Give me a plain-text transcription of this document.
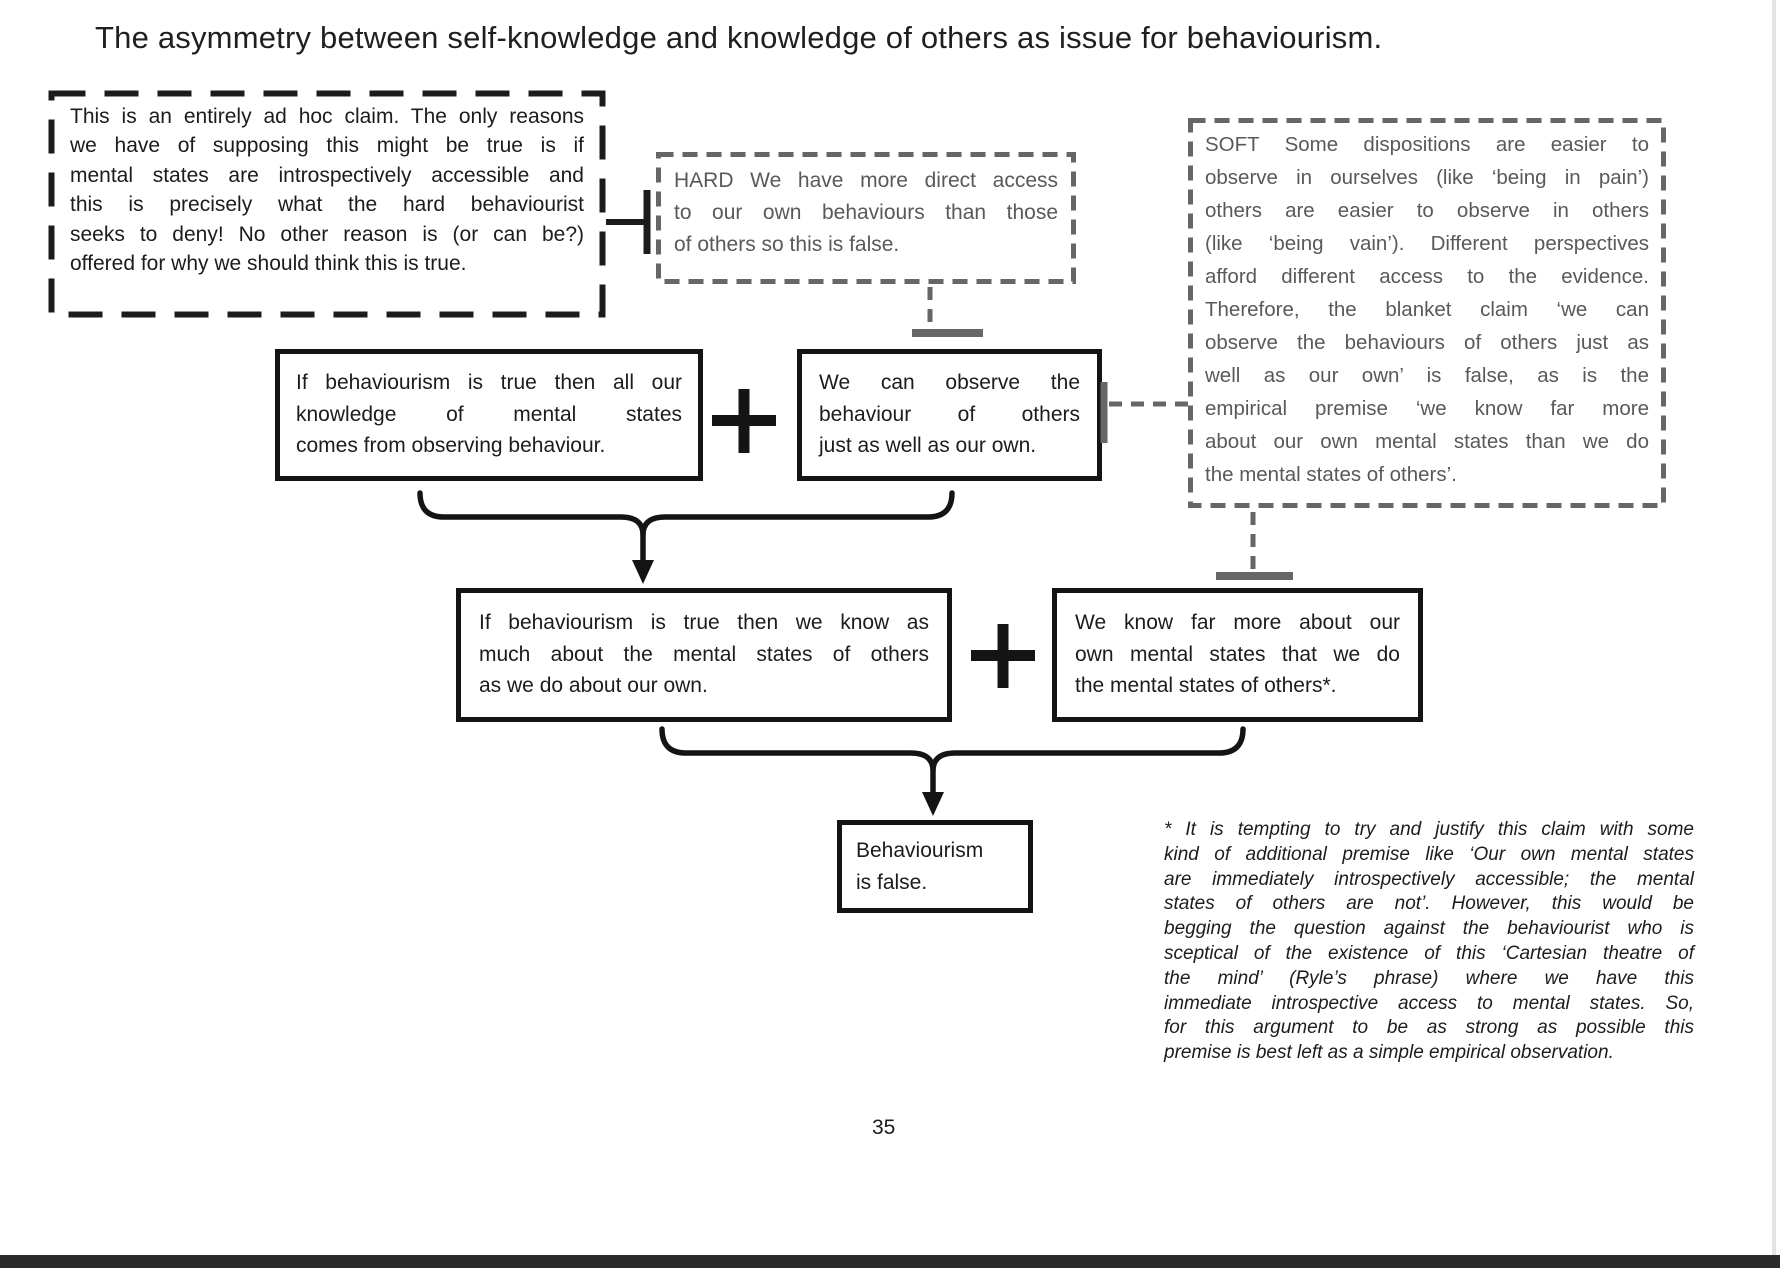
The asymmetry between self-knowledge and knowledge of others as issue for behaviourism.
This is an entirely ad hoc claim. The only reasons
we have of supposing this might be true is if
mental states are introspectively accessible and
this is precisely what the hard behaviourist
seeks to deny! No other reason is (or can be?)
offered for why we should think this is true.
HARD We have more direct access
to our own behaviours than those
of others so this is false.
SOFT Some dispositions are easier to
observe in ourselves (like ‘being in pain’)
others are easier to observe in others
(like ‘being vain’). Different perspectives
afford different access to the evidence.
Therefore, the blanket claim ‘we can
observe the behaviours of others just as
well as our own’ is false, as is the
empirical premise ‘we know far more
about our own mental states than we do
the mental states of others’.
If behaviourism is true then all our
knowledge of mental states
comes from observing behaviour.
We can observe the
behaviour of others
just as well as our own.
If behaviourism is true then we know as
much about the mental states of others
as we do about our own.
We know far more about our
own mental states that we do
the mental states of others*.
Behaviourism
is false.
* It is tempting to try and justify this claim with some
kind of additional premise like ‘Our own mental states
are immediately introspectively accessible; the mental
states of others are not’. However, this would be
begging the question against the behaviourist who is
sceptical of the existence of this ‘Cartesian theatre of
the mind’ (Ryle’s phrase) where we have this
immediate introspective access to mental states. So,
for this argument to be as strong as possible this
premise is best left as a simple empirical observation.
35
